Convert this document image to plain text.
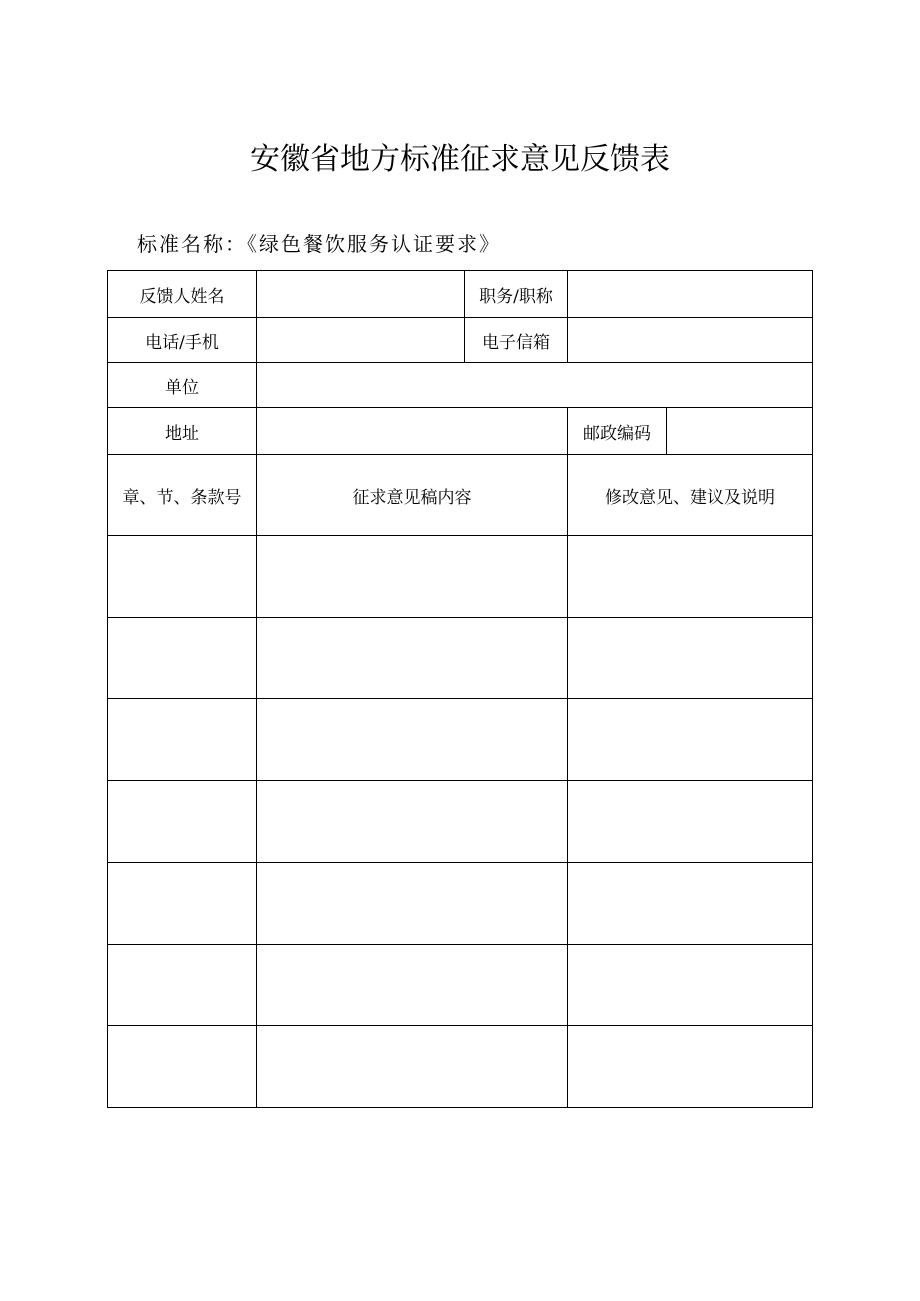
安徽省地方标准征求意见反馈表
标准名称：《绿色餐饮服务认证要求》
反馈人姓名	职务/职称
电话/手机	电子信箱
单位
地址	邮政编码
章、节、条款号	征求意见稿内容	修改意见、建议及说明
